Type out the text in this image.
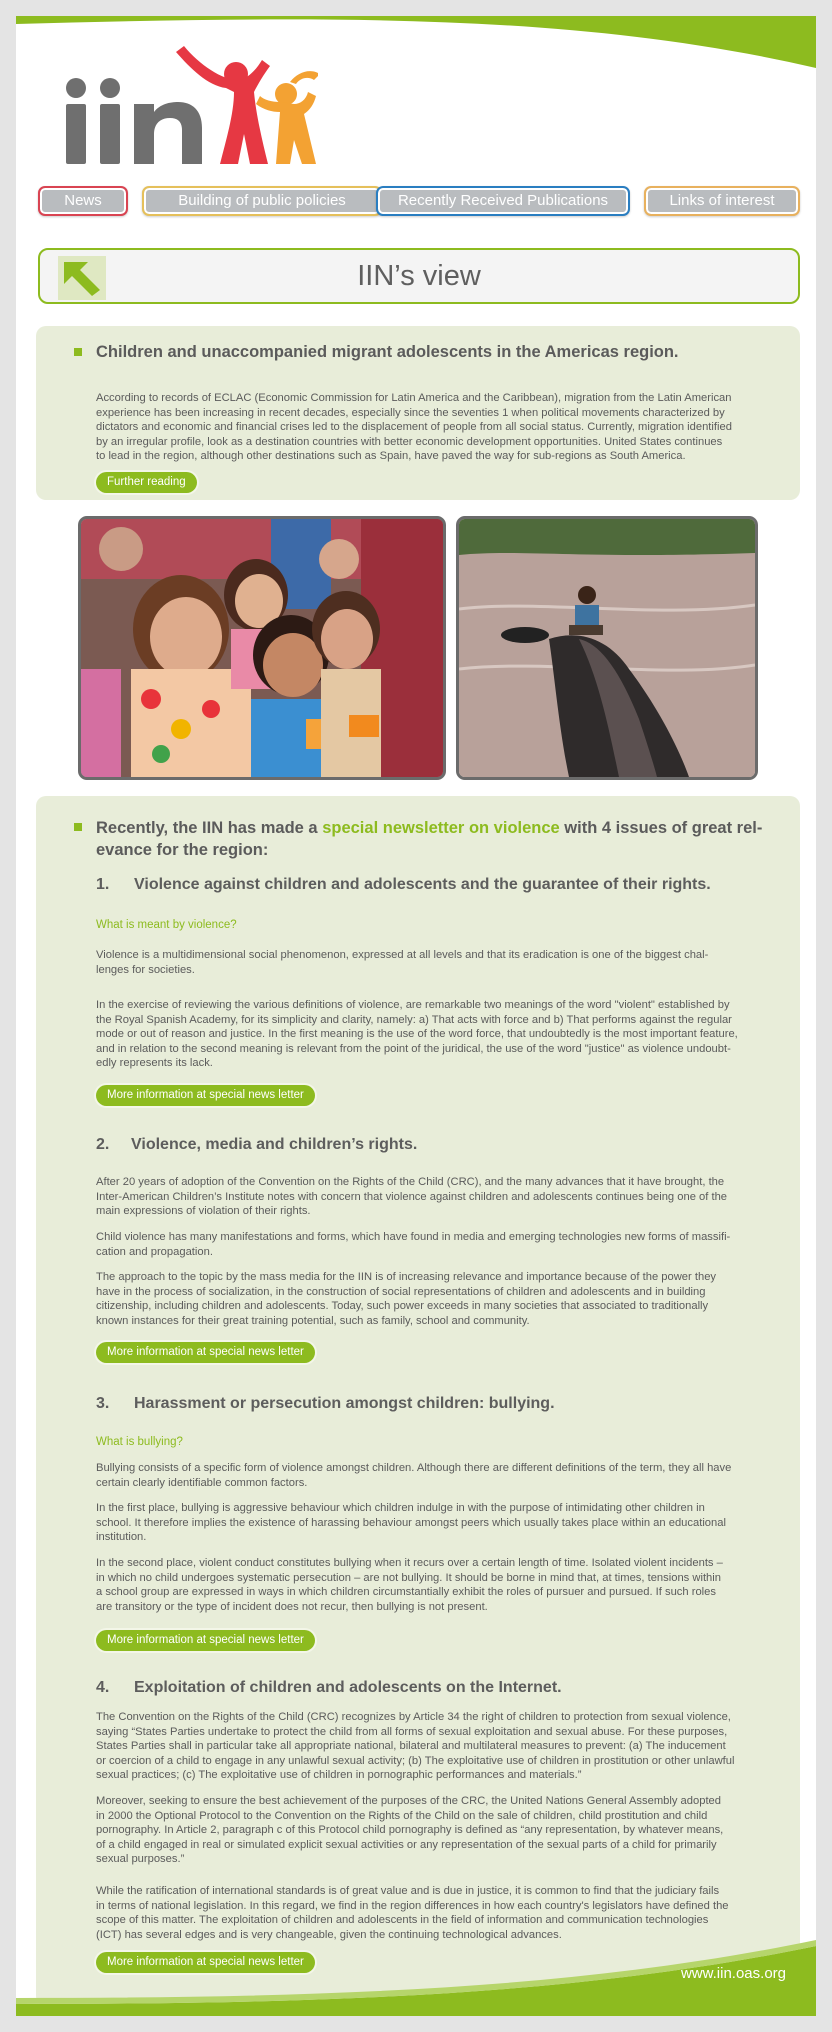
News	Building of public policies	Recently Received Publications	Links of interest
IIN’s view
Children and unaccompanied migrant adolescents in the Americas region.
According to records of ECLAC (Economic Commission for Latin America and the Caribbean), migration from the Latin American
experience has been increasing in recent decades, especially since the seventies 1 when political movements characterized by
dictators and economic and financial crises led to the displacement of people from all social status. Currently, migration identified
by an irregular profile, look as a destination countries with better economic development opportunities. United States continues
to lead in the region, although other destinations such as Spain, have paved the way for sub-regions as South America.
Further reading
Recently, the IIN has made a special newsletter on violence with 4 issues of great rel-
evance for the region:
1. Violence against children and adolescents and the guarantee of their rights.
What is meant by violence?
Violence is a multidimensional social phenomenon, expressed at all levels and that its eradication is one of the biggest chal-
lenges for societies.
In the exercise of reviewing the various definitions of violence, are remarkable two meanings of the word "violent" established by
the Royal Spanish Academy, for its simplicity and clarity, namely: a) That acts with force and b) That performs against the regular
mode or out of reason and justice. In the first meaning is the use of the word force, that undoubtedly is the most important feature,
and in relation to the second meaning is relevant from the point of the juridical, the use of the word "justice" as violence undoubt-
edly represents its lack.
More information at special news letter
2. Violence, media and children’s rights.
After 20 years of adoption of the Convention on the Rights of the Child (CRC), and the many advances that it have brought, the
Inter-American Children’s Institute notes with concern that violence against children and adolescents continues being one of the
main expressions of violation of their rights.
Child violence has many manifestations and forms, which have found in media and emerging technologies new forms of massifi-
cation and propagation.
The approach to the topic by the mass media for the IIN is of increasing relevance and importance because of the power they
have in the process of socialization, in the construction of social representations of children and adolescents and in building
citizenship, including children and adolescents. Today, such power exceeds in many societies that associated to traditionally
known instances for their great training potential, such as family, school and community.
More information at special news letter
3. Harassment or persecution amongst children: bullying.
What is bullying?
Bullying consists of a specific form of violence amongst children. Although there are different definitions of the term, they all have
certain clearly identifiable common factors.
In the first place, bullying is aggressive behaviour which children indulge in with the purpose of intimidating other children in
school. It therefore implies the existence of harassing behaviour amongst peers which usually takes place within an educational
institution.
In the second place, violent conduct constitutes bullying when it recurs over a certain length of time. Isolated violent incidents –
in which no child undergoes systematic persecution – are not bullying. It should be borne in mind that, at times, tensions within
a school group are expressed in ways in which children circumstantially exhibit the roles of pursuer and pursued. If such roles
are transitory or the type of incident does not recur, then bullying is not present.
More information at special news letter
4. Exploitation of children and adolescents on the Internet.
The Convention on the Rights of the Child (CRC) recognizes by Article 34 the right of children to protection from sexual violence,
saying “States Parties undertake to protect the child from all forms of sexual exploitation and sexual abuse. For these purposes,
States Parties shall in particular take all appropriate national, bilateral and multilateral measures to prevent: (a) The inducement
or coercion of a child to engage in any unlawful sexual activity; (b) The exploitative use of children in prostitution or other unlawful
sexual practices; (c) The exploitative use of children in pornographic performances and materials.”
Moreover, seeking to ensure the best achievement of the purposes of the CRC, the United Nations General Assembly adopted
in 2000 the Optional Protocol to the Convention on the Rights of the Child on the sale of children, child prostitution and child
pornography. In Article 2, paragraph c of this Protocol child pornography is defined as “any representation, by whatever means,
of a child engaged in real or simulated explicit sexual activities or any representation of the sexual parts of a child for primarily
sexual purposes.”
While the ratification of international standards is of great value and is due in justice, it is common to find that the judiciary fails
in terms of national legislation. In this regard, we find in the region differences in how each country's legislators have defined the
scope of this matter. The exploitation of children and adolescents in the field of information and communication technologies
(ICT) has several edges and is very changeable, given the continuing technological advances.
More information at special news letter
www.iin.oas.org
